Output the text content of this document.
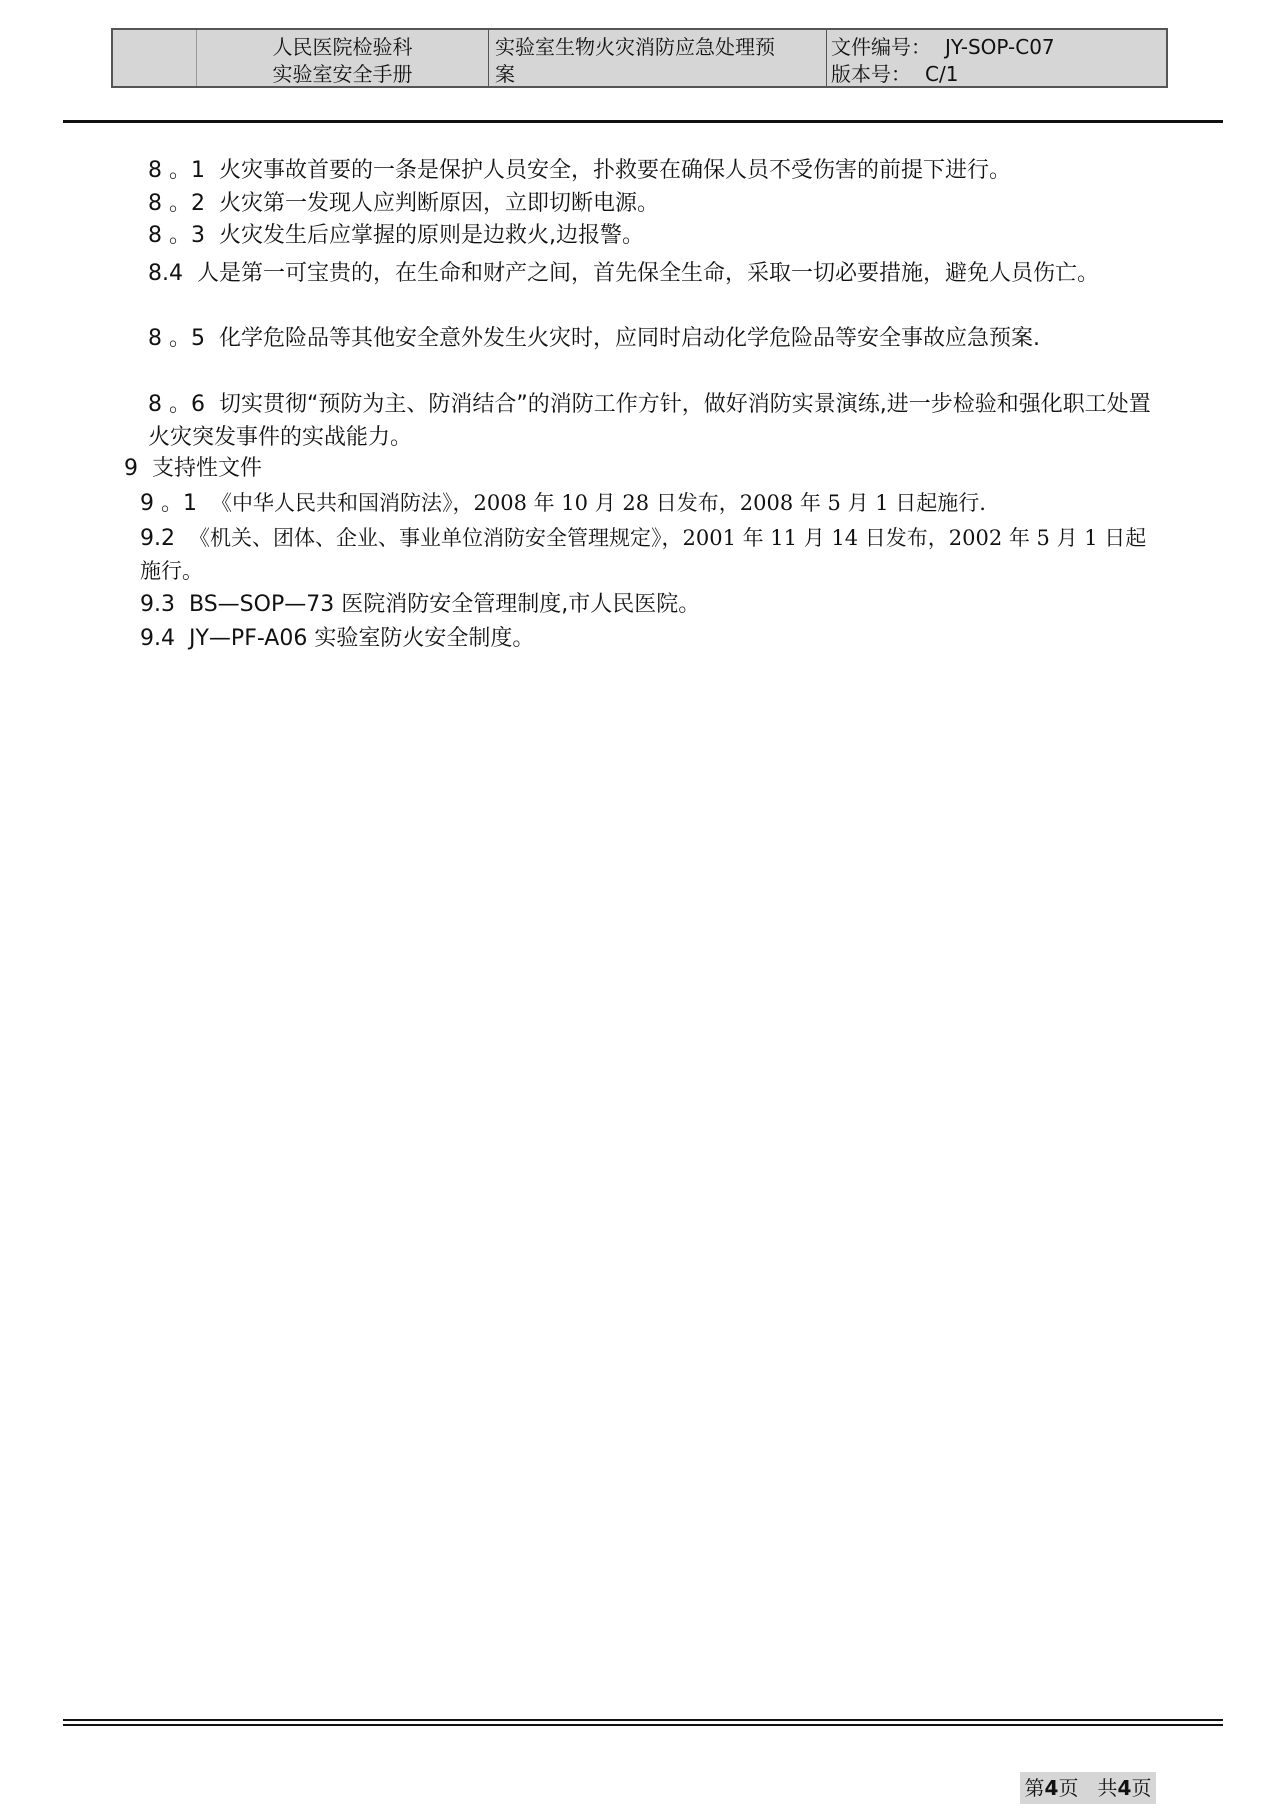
人民医院检验科
实验室安全手册
实验室生物火灾消防应急处理预
案
文件编号： JY-SOP-C07
版本号： C/1
8 。1 火灾事故首要的一条是保护人员安全，扑救要在确保人员不受伤害的前提下进行。
8 。2 火灾第一发现人应判断原因，立即切断电源。
8 。3 火灾发生后应掌握的原则是边救火,边报警。
8.4 人是第一可宝贵的，在生命和财产之间，首先保全生命，采取一切必要措施，避免人员伤亡。
8 。5 化学危险品等其他安全意外发生火灾时，应同时启动化学危险品等安全事故应急预案.
8 。6 切实贯彻“预防为主、防消结合”的消防工作方针，做好消防实景演练,进一步检验和强化职工处置火灾突发事件的实战能力。
9 支持性文件
9 。1 《中华人民共和国消防法》，2008 年 10 月 28 日发布，2008 年 5 月 1 日起施行.
9.2 《机关、团体、企业、事业单位消防安全管理规定》，2001 年 11 月 14 日发布，2002 年 5 月 1 日起施行。
9.3 BS—SOP—73 医院消防安全管理制度,市人民医院。
9.4 JY—PF-A06 实验室防火安全制度。
第4页 共4页
